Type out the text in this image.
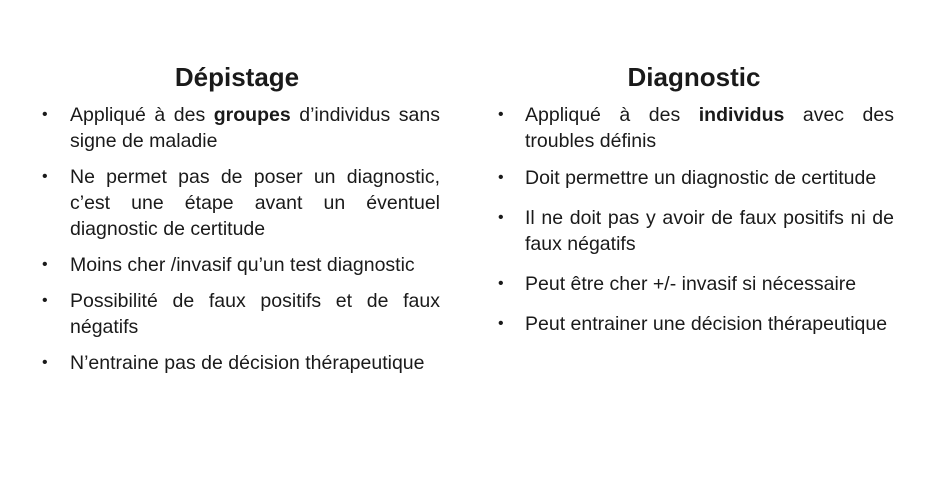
Dépistage
• Appliqué à des groupes d’individus sans signe de maladie
• Ne permet pas de poser un diagnostic, c’est une étape avant un éventuel diagnostic de certitude
• Moins cher /invasif qu’un test diagnostic
• Possibilité de faux positifs et de faux négatifs
• N’entraine pas de décision thérapeutique
Diagnostic
• Appliqué à des individus avec des troubles définis
• Doit permettre un diagnostic de certitude
• Il ne doit pas y avoir de faux positifs ni de faux négatifs
• Peut être cher +/- invasif si nécessaire
• Peut entrainer une décision thérapeutique
